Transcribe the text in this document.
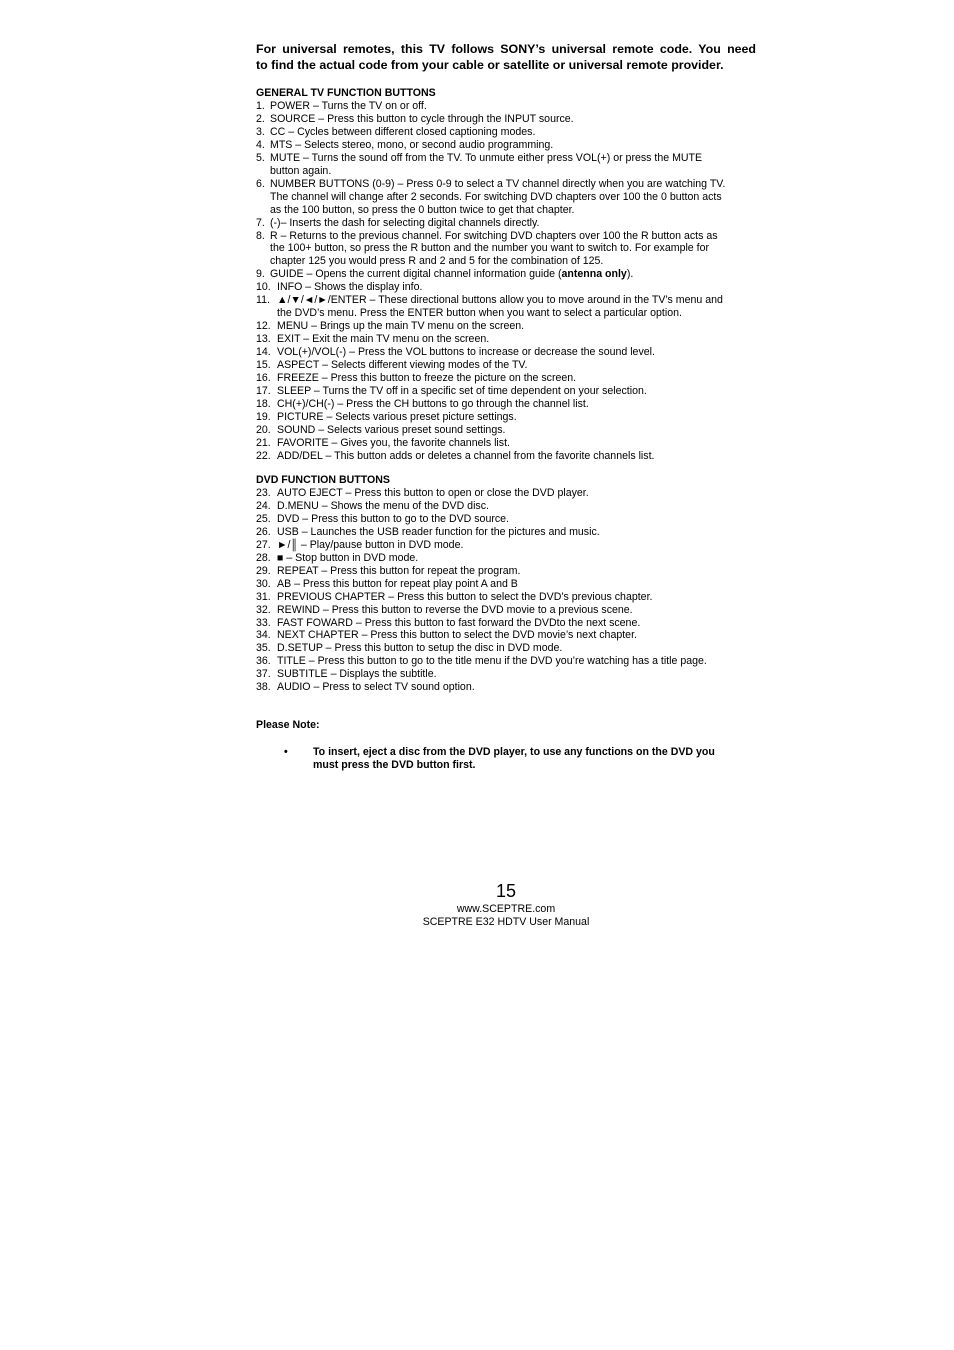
For universal remotes, this TV follows SONY’s universal remote code. You need
to find the actual code from your cable or satellite or universal remote provider.
GENERAL TV FUNCTION BUTTONS
1. POWER – Turns the TV on or off.
2. SOURCE – Press this button to cycle through the INPUT source.
3. CC – Cycles between different closed captioning modes.
4. MTS – Selects stereo, mono, or second audio programming.
5. MUTE – Turns the sound off from the TV. To unmute either press VOL(+) or press the MUTE
button again.
6. NUMBER BUTTONS (0-9) – Press 0-9 to select a TV channel directly when you are watching TV.
The channel will change after 2 seconds. For switching DVD chapters over 100 the 0 button acts
as the 100 button, so press the 0 button twice to get that chapter.
7. (-)– Inserts the dash for selecting digital channels directly.
8. R – Returns to the previous channel. For switching DVD chapters over 100 the R button acts as
the 100+ button, so press the R button and the number you want to switch to. For example for
chapter 125 you would press R and 2 and 5 for the combination of 125.
9. GUIDE – Opens the current digital channel information guide (antenna only).
10. INFO – Shows the display info.
11. ▲/▼/◄/►/ENTER – These directional buttons allow you to move around in the TV’s menu and
the DVD’s menu. Press the ENTER button when you want to select a particular option.
12. MENU – Brings up the main TV menu on the screen.
13. EXIT – Exit the main TV menu on the screen.
14. VOL(+)/VOL(-) – Press the VOL buttons to increase or decrease the sound level.
15. ASPECT – Selects different viewing modes of the TV.
16. FREEZE – Press this button to freeze the picture on the screen.
17. SLEEP – Turns the TV off in a specific set of time dependent on your selection.
18. CH(+)/CH(-) – Press the CH buttons to go through the channel list.
19. PICTURE – Selects various preset picture settings.
20. SOUND – Selects various preset sound settings.
21. FAVORITE – Gives you, the favorite channels list.
22. ADD/DEL – This button adds or deletes a channel from the favorite channels list.
DVD FUNCTION BUTTONS
23. AUTO EJECT – Press this button to open or close the DVD player.
24. D.MENU – Shows the menu of the DVD disc.
25. DVD – Press this button to go to the DVD source.
26. USB – Launches the USB reader function for the pictures and music.
27. ►/║ – Play/pause button in DVD mode.
28. ■ – Stop button in DVD mode.
29. REPEAT – Press this button for repeat the program.
30. AB – Press this button for repeat play point A and B
31. PREVIOUS CHAPTER – Press this button to select the DVD’s previous chapter.
32. REWIND – Press this button to reverse the DVD movie to a previous scene.
33. FAST FOWARD – Press this button to fast forward the DVDto the next scene.
34. NEXT CHAPTER – Press this button to select the DVD movie’s next chapter.
35. D.SETUP – Press this button to setup the disc in DVD mode.
36. TITLE – Press this button to go to the title menu if the DVD you’re watching has a title page.
37. SUBTITLE – Displays the subtitle.
38. AUDIO – Press to select TV sound option.
Please Note:
• To insert, eject a disc from the DVD player, to use any functions on the DVD you
must press the DVD button first.
15
www.SCEPTRE.com
SCEPTRE E32 HDTV User Manual
